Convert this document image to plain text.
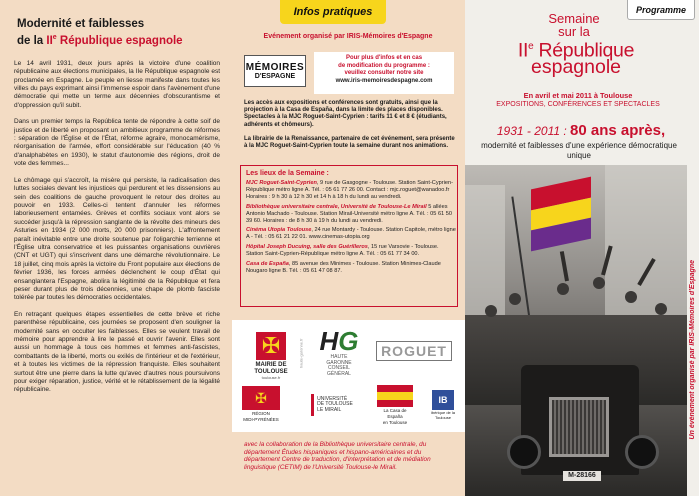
Modernité et faiblesses
de la IIe République espagnole

Le 14 avril 1931, deux jours après la victoire d'une coalition républicaine aux élections municipales, la IIe République espagnole est proclamée en Espagne. Le peuple en liesse manifeste dans toutes les villes du pays exprimant ainsi l'immense espoir dans l'avènement d'une démocratie qui mette un terme aux décennies d'obscurantisme et d'oppression qu'il subit.

Dans un premier temps la República tente de répondre à cette soif de justice et de liberté en proposant un ambitieux programme de réformes : séparation de l'Église et de l'État, réforme agraire, monocamérisme, réorganisation de l'armée, effort considérable sur l'éducation (40 % d'analphabètes en 1930), le statut d'autonomie des régions, droit de vote des femmes...

Le chômage qui s'accroît, la misère qui persiste, la radicalisation des luttes sociales devant les injustices qui perdurent et les dissensions au sein des coalitions de gauche provoquent le retour des droites au pouvoir en 1933. Celles-ci tentent d'annuler les réformes laborieusement entamées. Grèves et conflits sociaux vont alors se succéder jusqu'à la répression sanglante de la révolte des mineurs des Asturies en 1934 (2 000 morts, 20 000 prisonniers). L'affrontement paraît inévitable entre une droite soutenue par l'oligarchie terrienne et l'Église ultra conservatrice et les puissantes organisations ouvrières (CNT et UGT) qui s'inscrivent dans une démarche révolutionnaire. Le 18 juillet, cinq mois après la victoire du Front populaire aux élections de février 1936, les forces armées déclenchent le coup d'État qui ensanglantera l'Espagne, abolira la légitimité de la République et fera peser durant plus de trois décennies, une chape de plomb fasciste tolérée par toutes les démocraties occidentales.

En retraçant quelques étapes essentielles de cette brève et riche parenthèse républicaine, ces journées se proposent d'en souligner la modernité sans en occulter les faiblesses. Elles se veulent travail de mémoire pour apprendre à lire le passé et ouvrir l'avenir. Elles sont aussi un hommage à tous ces hommes et femmes anti-fascistes, combattants de la liberté, morts ou exilés de l'intérieur et de l'extérieur, et à toutes les victimes de la répression franquiste. Elles souhaitent surtout être une pierre dans la lutte qu'avec d'autres nous poursuivons pour exiger réparation, justice, vérité et le rétablissement de la légalité républicaine.

Infos pratiques
Evénement organisé par IRIS-Mémoires d'Espagne
MÉMOIRES
D'ESPAGNE
Pour plus d'infos et en cas
de modification du programme :
veuillez consulter notre site
www.iris-memoiresdespagne.com

Les accès aux expositions et conférences sont gratuits, ainsi que la projection à la Casa de España, dans la limite des places disponibles. Spectacles à la MJC Roguet-Saint-Cyprien : tarifs 11 € et 8 € (étudiants, adhérents et chômeurs).

La librairie de la Renaissance, partenaire de cet événement, sera présente à la MJC Roguet-Saint-Cyprien toute la semaine durant nos animations.

Les lieux de la Semaine :

MJC Roguet-Saint-Cyprien, 9 rue de Gasgogne - Toulouse. Station Saint-Cyprien-République métro ligne A. Tél. : 05 61 77 26 00. Contact : mjc.roguet@wanadoo.fr Horaires : 9 h 30 à 12 h 30 et 14 h à 18 h du lundi au vendredi.

Bibliothèque universitaire centrale, Université de Toulouse-Le Mirail 5 allées Antonio Machado - Toulouse. Station Mirail-Université métro ligne A. Tél. : 05 61 50 39 60. Horaires : de 8 h 30 à 19 h du lundi au vendredi.

Cinéma Utopia Toulouse, 24 rue Montardy - Toulouse. Station Capitole, métro ligne A - Tél. : 05 61 21 22 01. www.cinemas-utopia.org

Hôpital Joseph Ducuing, salle des Guérilleros, 15 rue Varsovie - Toulouse. Station Saint-Cyprien-République métro ligne A. Tél. : 05 61 77 34 00.

Casa de España, 85 avenue des Minimes - Toulouse. Station Minimes-Claude Nougaro ligne B. Tél. : 05 61 47 08 87.

✠
MAIRIE DE
TOULOUSE
toulouse.fr
haute-garonne.fr HG
HAUTE
GARONNE
CONSEIL GÉNÉRAL
ROGUET
✠
RÉGION
MIDI-PYRÉNÉES
UNIVERSITÉ
DE TOULOUSE
LE MIRAIL	La Casa de
España
en Toulouse
IB
ibérique de la
Toulouse

avec la collaboration de la Bibliothèque universitaire centrale, du département Études hispaniques et hispano-américaines et du département Centre de traduction, d'interprétation et de médiation linguistique (CETIM) de l'Université Toulouse-le Mirail.

Programme
Semaine
sur la
IIe République
espagnole
En avril et mai 2011 à Toulouse
EXPOSITIONS, CONFÉRENCES ET SPECTACLES
1931 - 2011 : 80 ans après,
modernité et faiblesses d'une expérience démocratique unique
M-28166
Un événement organisé par IRIS-Mémoires d'Espagne
